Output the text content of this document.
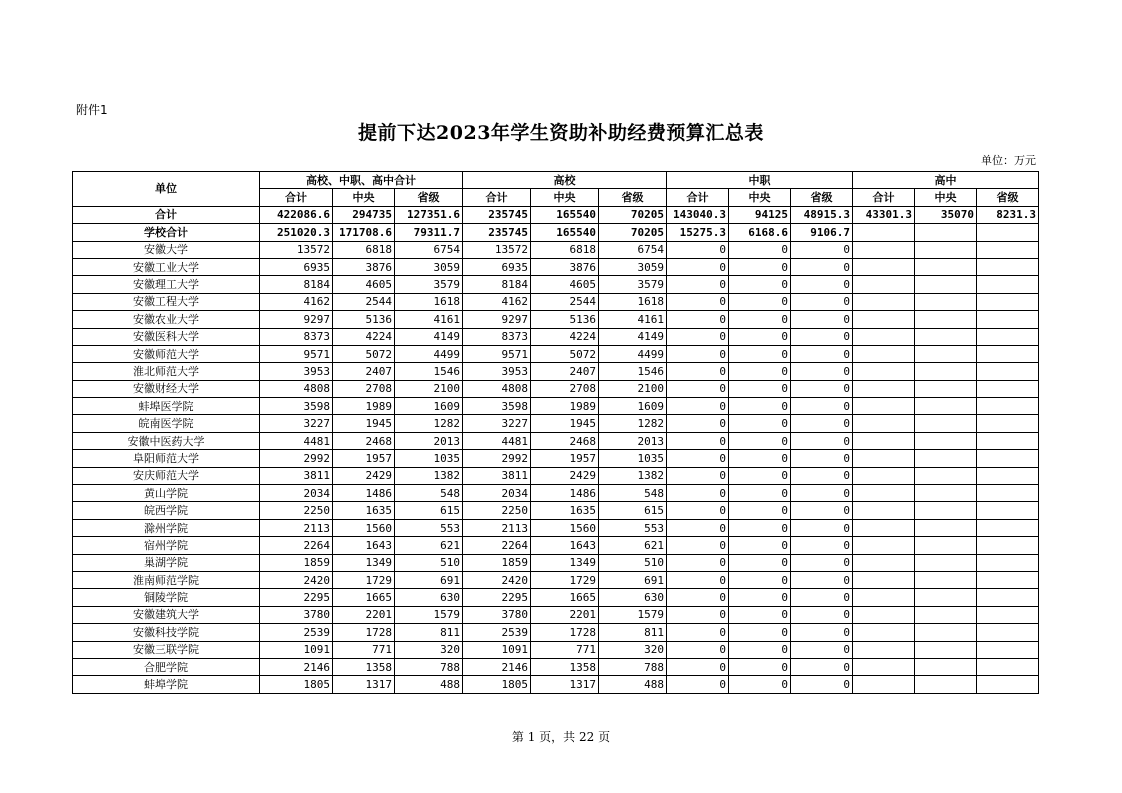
附件1
提前下达2023年学生资助补助经费预算汇总表
单位：万元
单位	高校、中职、高中合计			高校			中职			高中		
	合计	中央	省级	合计	中央	省级	合计	中央	省级	合计	中央	省级
合计	422086.6	294735	127351.6	235745	165540	70205	143040.3	94125	48915.3	43301.3	35070	8231.3
学校合计	251020.3	171708.6	79311.7	235745	165540	70205	15275.3	6168.6	9106.7			
安徽大学	13572	6818	6754	13572	6818	6754	0	0	0			
安徽工业大学	6935	3876	3059	6935	3876	3059	0	0	0			
安徽理工大学	8184	4605	3579	8184	4605	3579	0	0	0			
安徽工程大学	4162	2544	1618	4162	2544	1618	0	0	0			
安徽农业大学	9297	5136	4161	9297	5136	4161	0	0	0			
安徽医科大学	8373	4224	4149	8373	4224	4149	0	0	0			
安徽师范大学	9571	5072	4499	9571	5072	4499	0	0	0			
淮北师范大学	3953	2407	1546	3953	2407	1546	0	0	0			
安徽财经大学	4808	2708	2100	4808	2708	2100	0	0	0			
蚌埠医学院	3598	1989	1609	3598	1989	1609	0	0	0			
皖南医学院	3227	1945	1282	3227	1945	1282	0	0	0			
安徽中医药大学	4481	2468	2013	4481	2468	2013	0	0	0			
阜阳师范大学	2992	1957	1035	2992	1957	1035	0	0	0			
安庆师范大学	3811	2429	1382	3811	2429	1382	0	0	0			
黄山学院	2034	1486	548	2034	1486	548	0	0	0			
皖西学院	2250	1635	615	2250	1635	615	0	0	0			
滁州学院	2113	1560	553	2113	1560	553	0	0	0			
宿州学院	2264	1643	621	2264	1643	621	0	0	0			
巢湖学院	1859	1349	510	1859	1349	510	0	0	0			
淮南师范学院	2420	1729	691	2420	1729	691	0	0	0			
铜陵学院	2295	1665	630	2295	1665	630	0	0	0			
安徽建筑大学	3780	2201	1579	3780	2201	1579	0	0	0			
安徽科技学院	2539	1728	811	2539	1728	811	0	0	0			
安徽三联学院	1091	771	320	1091	771	320	0	0	0			
合肥学院	2146	1358	788	2146	1358	788	0	0	0			
蚌埠学院	1805	1317	488	1805	1317	488	0	0	0			
第 1 页，共 22 页
